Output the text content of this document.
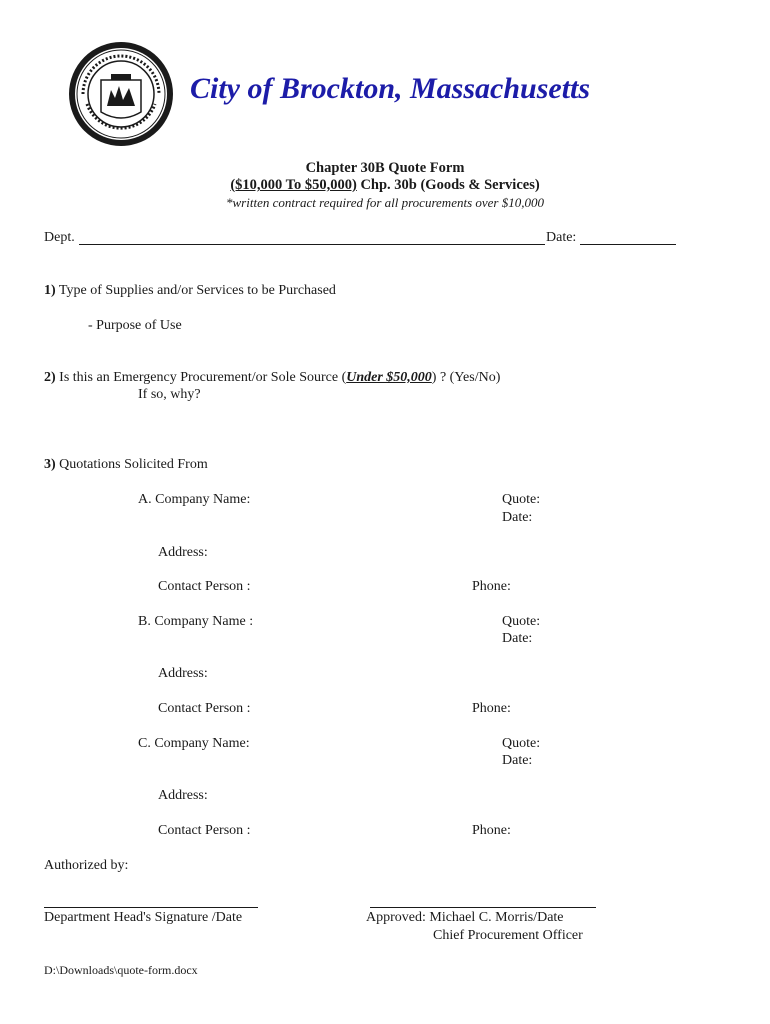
City of Brockton, Massachusetts
Chapter 30B Quote Form
($10,000 To $50,000) Chp. 30b (Goods & Services)
*written contract required for all procurements over $10,000
Dept.	Date:
1) Type of Supplies and/or Services to be Purchased
- Purpose of Use
2) Is this an Emergency Procurement/or Sole Source (Under $50,000) ? (Yes/No)
If so, why?
3) Quotations Solicited From
A. Company Name:	Quote:
Date:
Address:
Contact Person :	Phone:
B. Company Name :	Quote:
Date:
Address:
Contact Person :	Phone:
C. Company Name:	Quote:
Date:
Address:
Contact Person :	Phone:
Authorized by:
Department Head's Signature /Date	Approved: Michael C. Morris/Date
Chief Procurement Officer
D:\Downloads\quote-form.docx
